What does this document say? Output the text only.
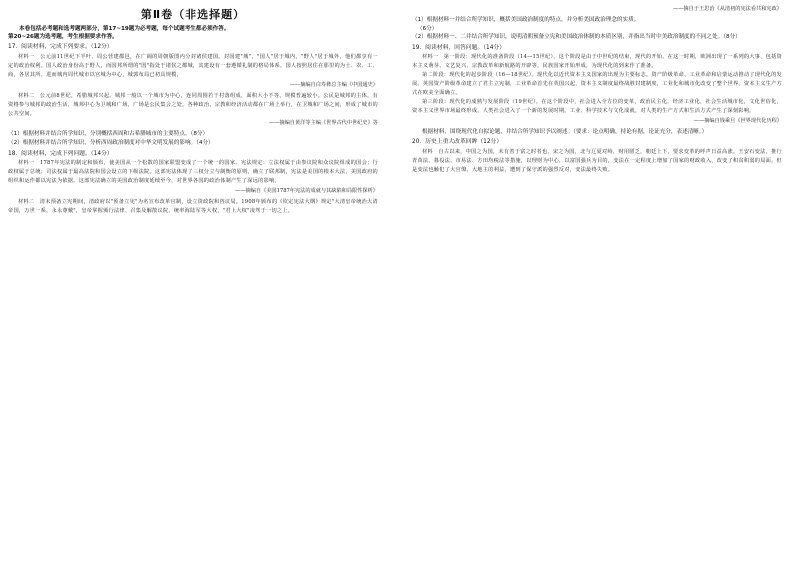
第Ⅱ卷（非选择题）

本卷包括必考题和选考题两部分，第17~19题为必考题，每个试题考生都必须作答。

第20~26题为选考题，考生根据要求作答。

17．阅读材料，完成下列要求。（12分）

材料一　公元前11世纪下半叶，周公营建都邑，在广阔的周朝版图内分封诸侯建国。封国建"城"，"国人"居于城内，"野人"居于城外，他们都享有一定的政治权利。国人政治身份高于野人，而国邦所谓的"国"指处于诸侯之都城，其建设有一套遵循礼制的格局体系。国人按照居住在那里的为士、农、工、商，各居其所。进而城内周代城市以宫城为中心，城郭布局已初具规模，

——摘编自白寿彝总主编《中国通史》

材料二　公元前8世纪，希腊城邦兴起。城邦一般以一个城市为中心，连同周围若干村落组成，面积大小不等，规模普遍较小。公民是城邦的主体，有资格参与城邦的政治生活，城邦中心为卫城和广场，广场是公民集会之处。各种政治、宗教和经济活动都在广场上举行，在卫城和广场之间，形成了城市的公共空间。

——摘编自黄洋等主编《世界古代中世纪史》等

（1）根据材料并结合所学知识，分别概括西周和古希腊城市的主要特点。（8分）

（2）根据材料并结合所学知识，分析西周政治制度对中华文明发展的影响。（4分）

18．阅读材料，完成下列问题。（14分）

材料一　1787年宪法的制定和颁布，使美国从一个松散的国家联盟变成了一个统一的国家。宪法规定：立法权属于由参议院和众议院组成的国会；行政权属于总统；司法权属于最高法院和国会设立的下级法院。这部宪法体现了三权分立与制衡的原则，确立了联邦制，宪法是美国的根本大法，美国政府的组织和运作都以宪法为依据。这部宪法确立的美国政治制度延续至今，对世界各国的政治体制产生了深远的影响。

——摘编自《美国1787年宪法的成就与其缺陷和局限性探析》

材料二　清末预备立宪期间，清政府以"预备立宪"为名宣布改革官制，设立资政院和咨议局。1908年颁布的《钦定宪法大纲》规定"大清皇帝统治大清帝国，万世一系，永永尊戴"，皇帝掌握颁行法律、召集及解散议院、统率海陆军等大权，"君上大权"凌驾于一切之上。

——摘自于王思治《从清初的宪法看共和宪政》

（1）根据材料一并结合所学知识，概括美国政治制度的特点，并分析美国政治理念的实质。

（6分）

（2）根据材料一、二并结合所学知识，说明清朝预备立宪和美国政治体制的本质区别，并指出当时中美政治制度的不同之处。（8分）

19．阅读材料，回答问题。（14分）

材料一　第一阶段：现代化的准备阶段（14—15世纪）。这个阶段是由于中世纪的结束，现代的开始。在这一时期，欧洲出现了一系列的大事，包括资本主义萌芽、文艺复兴、宗教改革和新航路的开辟等，民族国家开始形成，为现代化的到来作了准备。

第二阶段：现代化的起步阶段（16—18世纪）。现代化以近代资本主义国家的出现为主要标志。资产阶级革命、工业革命和启蒙运动推动了现代化的发展。英国资产阶级革命建立了君主立宪制，工业革命首先在英国兴起，资本主义制度最终战胜封建制度，工业化和城市化改变了整个世界。资本主义生产方式在欧美全面确立。

第三阶段：现代化的成熟与发展阶段（19世纪）。在这个阶段中，社会进入全方位的变革，政治民主化，经济工业化，社会生活城市化，文化世俗化，资本主义世界市场最终形成，人类社会进入了一个新的发展时期。工业、科学技术与文化成就，对人类的生产方式和生活方式产生了深刻影响。

——摘编自钱乘旦《世界现代化历程》

根据材料，围绕现代化自拟论题，并结合所学知识予以阐述。（要求：论点明确，持论有据，论证充分，表述清晰。）

20．历史上重大改革回眸（12分）

材料　自古以来，中国之为国，未有善于富之时者也。宋之为国，北与辽夏对峙，财用匮乏，朝廷上下，要求变革的呼声日益高涨。王安石变法，推行青苗法、募役法、市易法、方田均税法等措施，以理财为中心，以富国强兵为目的，变法在一定程度上增加了国家的财政收入，改变了积贫积弱的局面。但是变法也触犯了大官僚、大地主的利益，遭到了保守派的强烈反对，变法最终失败。
